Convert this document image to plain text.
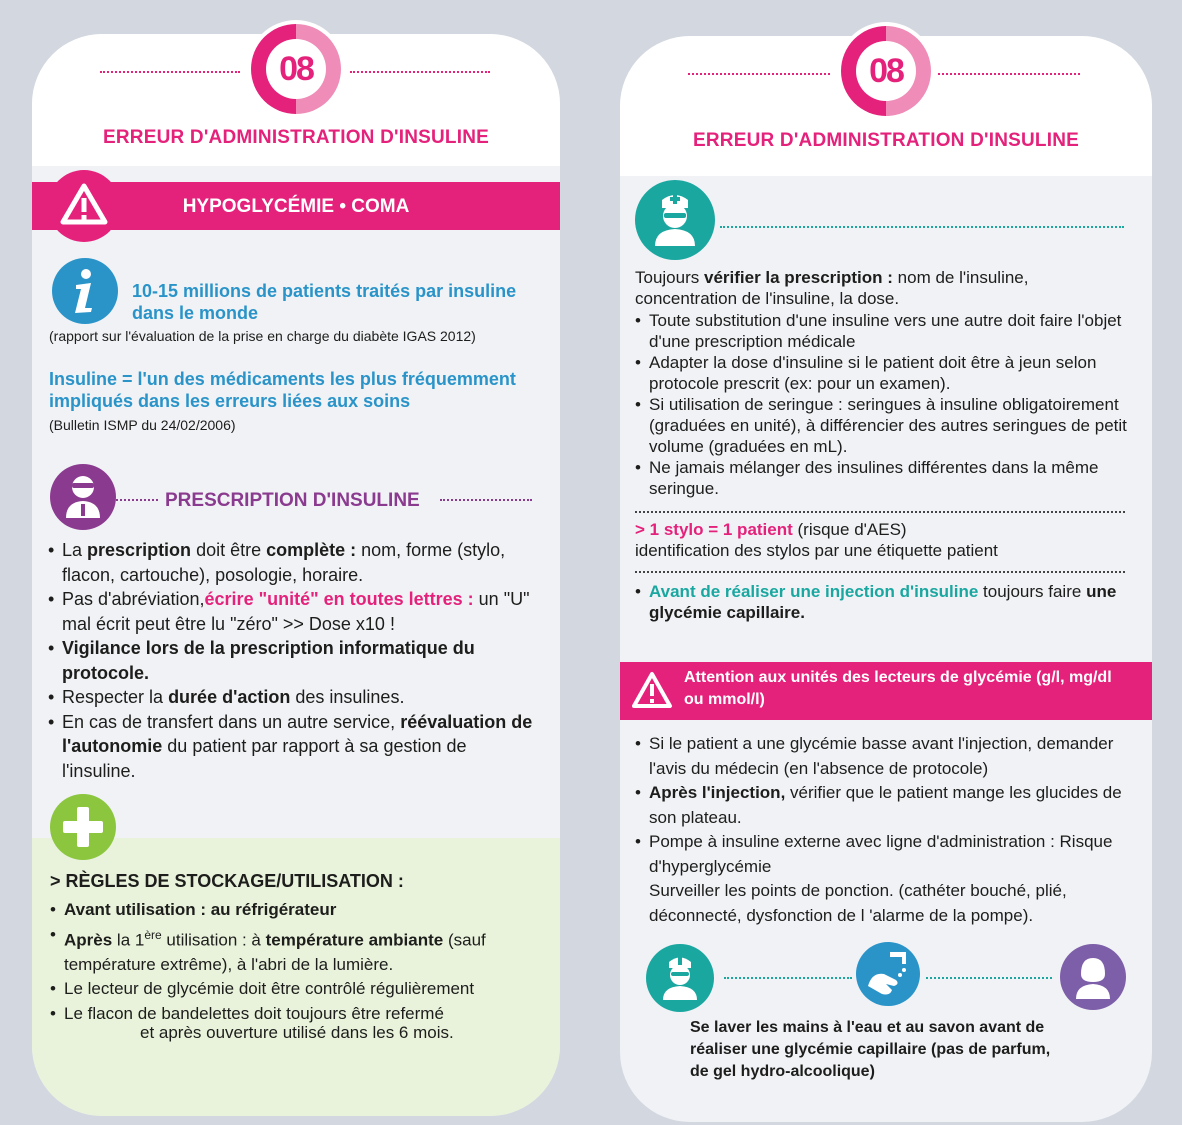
ERREUR D'ADMINISTRATION D'INSULINE
HYPOGLYCÉMIE • COMA
10-15 millions de patients traités par insuline dans le monde
(rapport sur l'évaluation de la prise en charge du diabète IGAS 2012)
Insuline = l'un des médicaments les plus fréquemment impliqués dans les erreurs liées aux soins
(Bulletin ISMP du 24/02/2006)
PRESCRIPTION D'INSULINE
• La prescription doit être complète : nom, forme (stylo, flacon, cartouche), posologie, horaire.
• Pas d'abréviation,écrire "unité" en toutes lettres : un "U" mal écrit peut être lu "zéro" >> Dose x10 !
• Vigilance lors de la prescription informatique du protocole.
• Respecter la durée d'action des insulines.
• En cas de transfert dans un autre service, réévaluation de l'autonomie du patient par rapport à sa gestion de l'insuline.
> RÈGLES DE STOCKAGE/UTILISATION :
• Avant utilisation : au réfrigérateur
• Après la 1ère utilisation : à température ambiante (sauf température extrême), à l'abri de la lumière.
• Le lecteur de glycémie doit être contrôlé régulièrement
• Le flacon de bandelettes doit toujours être refermé
et après ouverture utilisé dans les 6 mois.
08
ERREUR D'ADMINISTRATION D'INSULINE
Toujours vérifier la prescription : nom de l'insuline, concentration de l'insuline, la dose.
• Toute substitution d'une insuline vers une autre doit faire l'objet d'une prescription médicale
• Adapter la dose d'insuline si le patient doit être à jeun selon protocole prescrit (ex: pour un examen).
• Si utilisation de seringue : seringues à insuline obligatoirement (graduées en unité), à différencier des autres seringues de petit volume (graduées en mL).
• Ne jamais mélanger des insulines différentes dans la même seringue.
> 1 stylo = 1 patient (risque d'AES)
identification des stylos par une étiquette patient
• Avant de réaliser une injection d'insuline toujours faire une glycémie capillaire.
Attention aux unités des lecteurs de glycémie (g/l, mg/dl ou mmol/l)
• Si le patient a une glycémie basse avant l'injection, demander l'avis du médecin (en l'absence de protocole)
• Après l'injection, vérifier que le patient mange les glucides de son plateau.
• Pompe à insuline externe avec ligne d'administration : Risque d'hyperglycémie
Surveiller les points de ponction. (cathéter bouché, plié, déconnecté, dysfonction de l 'alarme de la pompe).
Se laver les mains à l'eau et au savon avant de réaliser une glycémie capillaire (pas de parfum, de gel hydro-alcoolique)
08
